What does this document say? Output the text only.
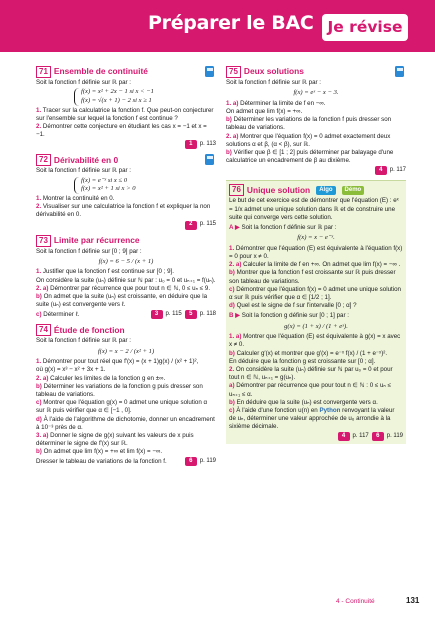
Préparer le BAC Je révise
71 Ensemble de continuité
Soit la fonction f définie sur ℝ par :
f(x) = x² + 2x − 1 si x < −1
f(x) = √(x + 1) − 2 si x ≥ 1
1. Tracer sur la calculatrice la fonction f. Que peut-on conjecturer sur l'ensemble sur lequel la fonction f est continue ?
2. Démontrer cette conjecture en étudiant les cas x = −1 et x = −1.
1	p. 113
72 Dérivabilité en 0
Soit la fonction f définie sur ℝ par :
f(x) = e⁻ˣ si x ≤ 0
f(x) = x² + 1 si x > 0
1. Montrer la continuité en 0.
2. Visualiser sur une calculatrice la fonction f et expliquer la non dérivabilité en 0.
2	p. 115
73 Limite par récurrence
Soit la fonction f définie sur [0 ; 9] par :
f(x) = 6 − 5 / (x + 1)
1. Justifier que la fonction f est continue sur [0 ; 9].
On considère la suite (uₙ) définie sur ℕ par : u₀ = 0 et uₙ₊₁ = f(uₙ).
2. a) Démontrer par récurrence que pour tout n ∈ ℕ, 0 ≤ uₙ ≤ 9.
b) On admet que la suite (uₙ) est croissante, en déduire que la suite (uₙ) est convergente vers ℓ.
c) Déterminer ℓ.	3	p. 115	5	p. 118
74 Étude de fonction
Soit la fonction f définie sur ℝ par :
f(x) = x − 2 / (x² + 1)
1. Démontrer pour tout réel que f′(x) = (x + 1)g(x) / (x² + 1)²,
où g(x) = x³ − x² + 3x + 1.
2. a) Calculer les limites de la fonction g en ±∞.
b) Déterminer les variations de la fonction g puis dresser son tableau de variations.
c) Montrer que l'équation g(x) = 0 admet une unique solution α sur ℝ puis vérifier que α ∈ [−1 , 0].
d) À l'aide de l'algorithme de dichotomie, donner un encadrement à 10⁻³ près de α.
3. a) Donner le signe de g(x) suivant les valeurs de x puis déterminer le signe de f′(x) sur ℝ.
b) On admet que lim f(x) = +∞ et lim f(x) = −∞.
Dresser le tableau de variations de la fonction f.	6	p. 119
75 Deux solutions
Soit la fonction f définie sur ℝ par :
f(x) = eˣ − x − 3.
1. a) Déterminer la limite de f en −∞.
On admet que lim f(x) = +∞.
b) Déterminer les variations de la fonction f puis dresser son tableau de variations.
2. a) Montrer que l'équation f(x) = 0 admet exactement deux solutions α et β, (α < β), sur ℝ.
b) Vérifier que β ∈ [1 ; 2] puis déterminer par balayage d'une calculatrice un encadrement de β au dixième.
4	p. 117
76 Unique solution	Algo	Démo
Le but de cet exercice est de démontrer que l'équation (E) : eˣ = 1/x admet une unique solution dans ℝ et de construire une suite qui converge vers cette solution.
A ▶ Soit la fonction f définie sur ℝ par :
f(x) = x − e⁻ˣ.
1. Démontrer que l'équation (E) est équivalente à l'équation f(x) = 0 pour x ≠ 0.
2. a) Calculer la limite de f en +∞. On admet que lim f(x) = −∞ .
b) Montrer que la fonction f est croissante sur ℝ puis dresser son tableau de variations.
c) Démontrer que l'équation f(x) = 0 admet une unique solution α sur ℝ puis vérifier que α ∈ [1/2 ; 1].
d) Quel est le signe de f sur l'intervalle [0 ; α] ?
B ▶ Soit la fonction g définie sur [0 ; 1] par :
g(x) = (1 + x) / (1 + eˣ).
1. a) Montrer que l'équation (E) est équivalente à g(x) = x avec x ≠ 0.
b) Calculer g′(x) et montrer que g′(x) = e⁻ˣ f(x) / (1 + e⁻ˣ)².
En déduire que la fonction g est croissante sur [0 ; α].
2. On considère la suite (uₙ) définie sur ℕ par u₀ = 0 et pour tout n ∈ ℕ, uₙ₊₁ = g(uₙ).
a) Démontrer par récurrence que pour tout n ∈ ℕ : 0 ≤ uₙ ≤ uₙ₊₁ ≤ α.
b) En déduire que la suite (uₙ) est convergente vers α.
c) À l'aide d'une fonction u(n) en Python renvoyant la valeur de uₙ, déterminer une valeur approchée de u₆ arrondie à la sixième décimale.
4	p. 117	6	p. 119
4 - Continuité	131
